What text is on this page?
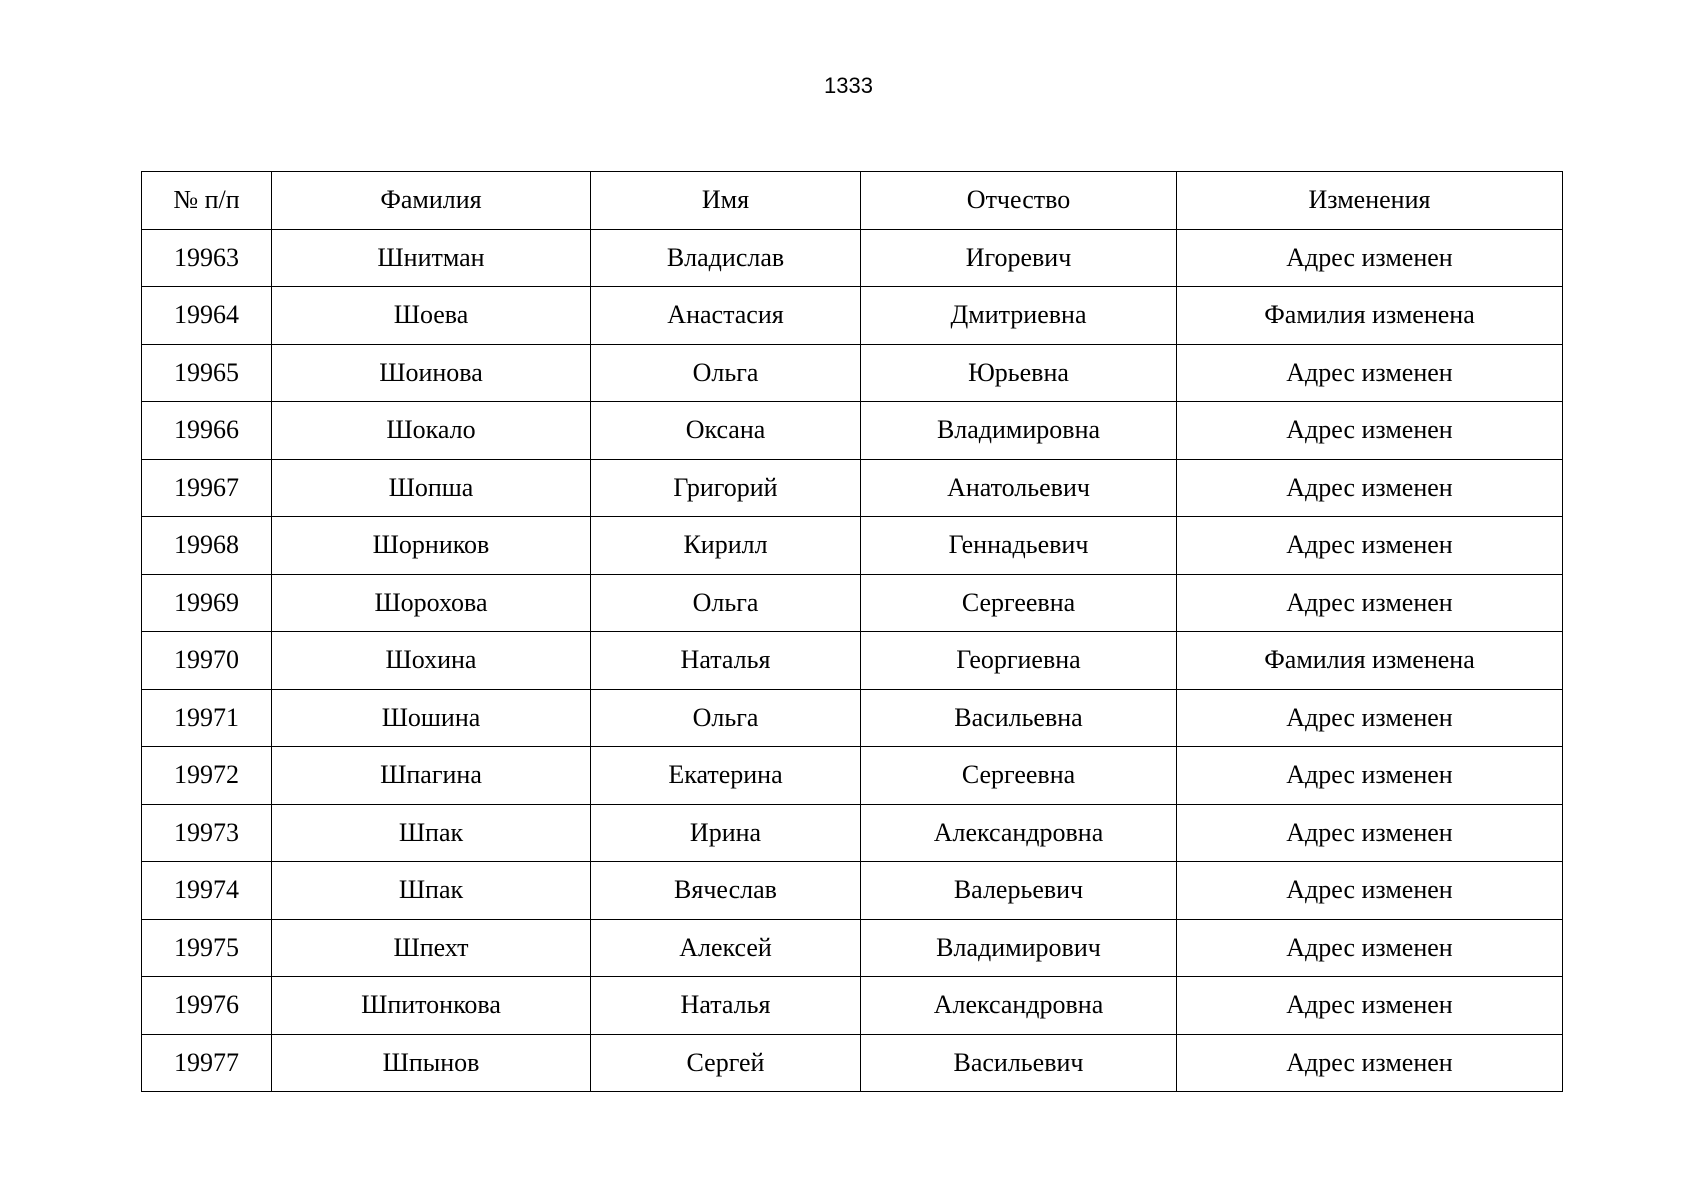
1333
№ п/п	Фамилия	Имя	Отчество	Изменения
19963	Шнитман	Владислав	Игоревич	Адрес изменен
19964	Шоева	Анастасия	Дмитриевна	Фамилия изменена
19965	Шоинова	Ольга	Юрьевна	Адрес изменен
19966	Шокало	Оксана	Владимировна	Адрес изменен
19967	Шопша	Григорий	Анатольевич	Адрес изменен
19968	Шорников	Кирилл	Геннадьевич	Адрес изменен
19969	Шорохова	Ольга	Сергеевна	Адрес изменен
19970	Шохина	Наталья	Георгиевна	Фамилия изменена
19971	Шошина	Ольга	Васильевна	Адрес изменен
19972	Шпагина	Екатерина	Сергеевна	Адрес изменен
19973	Шпак	Ирина	Александровна	Адрес изменен
19974	Шпак	Вячеслав	Валерьевич	Адрес изменен
19975	Шпехт	Алексей	Владимирович	Адрес изменен
19976	Шпитонкова	Наталья	Александровна	Адрес изменен
19977	Шпынов	Сергей	Васильевич	Адрес изменен
